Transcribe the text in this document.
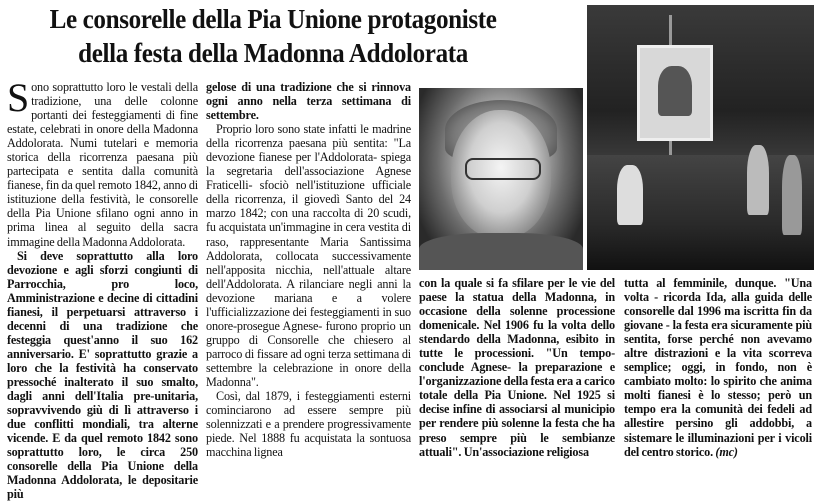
Le consorelle della Pia Unione protagoniste
della festa della Madonna Addolorata

Sono soprattutto loro le vestali della tradizione, una delle colonne portanti dei festeggiamenti di fine estate, celebrati in onore della Madonna Addolorata. Numi tutelari e memoria storica della ricorrenza paesana più partecipata e sentita dalla comunità fianese, fin da quel remoto 1842, anno di istituzione della festività, le consorelle della Pia Unione sfilano ogni anno in prima linea al seguito della sacra immagine della Madonna Addolorata.

Si deve soprattutto alla loro devozione e agli sforzi congiunti di Parrocchia, pro loco, Amministrazione e decine di cittadini fianesi, il perpetuarsi attraverso i decenni di una tradizione che festeggia quest'anno il suo 162 anniversario. E' soprattutto grazie a loro che la festività ha conservato pressoché inalterato il suo smalto, dagli anni dell'Italia pre-unitaria, sopravvivendo giù di lì attraverso i due conflitti mondiali, tra alterne vicende. E da quel remoto 1842 sono soprattutto loro, le circa 250 consorelle della Pia Unione della Madonna Addolorata, le depositarie più

gelose di una tradizione che si rinnova ogni anno nella terza settimana di settembre.

Proprio loro sono state infatti le madrine della ricorrenza paesana più sentita: "La devozione fianese per l'Addolorata- spiega la segretaria dell'associazione Agnese Fraticelli- sfociò nell'istituzione ufficiale della ricorrenza, il giovedì Santo del 24 marzo 1842; con una raccolta di 20 scudi, fu acquistata un'immagine in cera vestita di raso, rappresentante Maria Santissima Addolorata, collocata successivamente nell'apposita nicchia, nell'attuale altare dell'Addolorata. A rilanciare negli anni la devozione mariana e a volere l'ufficializzazione dei festeggiamenti in suo onore-prosegue Agnese- furono proprio un gruppo di Consorelle che chiesero al parroco di fissare ad ogni terza settimana di settembre la celebrazione in onore della Madonna".

Così, dal 1879, i festeggiamenti esterni cominciarono ad essere sempre più solennizzati e a prendere progressivamente piede. Nel 1888 fu acquistata la sontuosa macchina lignea

con la quale si fa sfilare per le vie del paese la statua della Madonna, in occasione della solenne processione domenicale. Nel 1906 fu la volta dello stendardo della Madonna, esibito in tutte le processioni. "Un tempo- conclude Agnese- la preparazione e l'organizzazione della festa era a carico totale della Pia Unione. Nel 1925 si decise infine di associarsi al municipio per rendere più solenne la festa che ha preso sempre più le sembianze attuali". Un'associazione religiosa

tutta al femminile, dunque. "Una volta - ricorda Ida, alla guida delle consorelle dal 1996 ma iscritta fin da giovane - la festa era sicuramente più sentita, forse perché non avevamo altre distrazioni e la vita scorreva semplice; oggi, in fondo, non è cambiato molto: lo spirito che anima molti fianesi è lo stesso; però un tempo era la comunità dei fedeli ad allestire persino gli addobbi, a sistemare le illuminazioni per i vicoli del centro storico. (mc)
